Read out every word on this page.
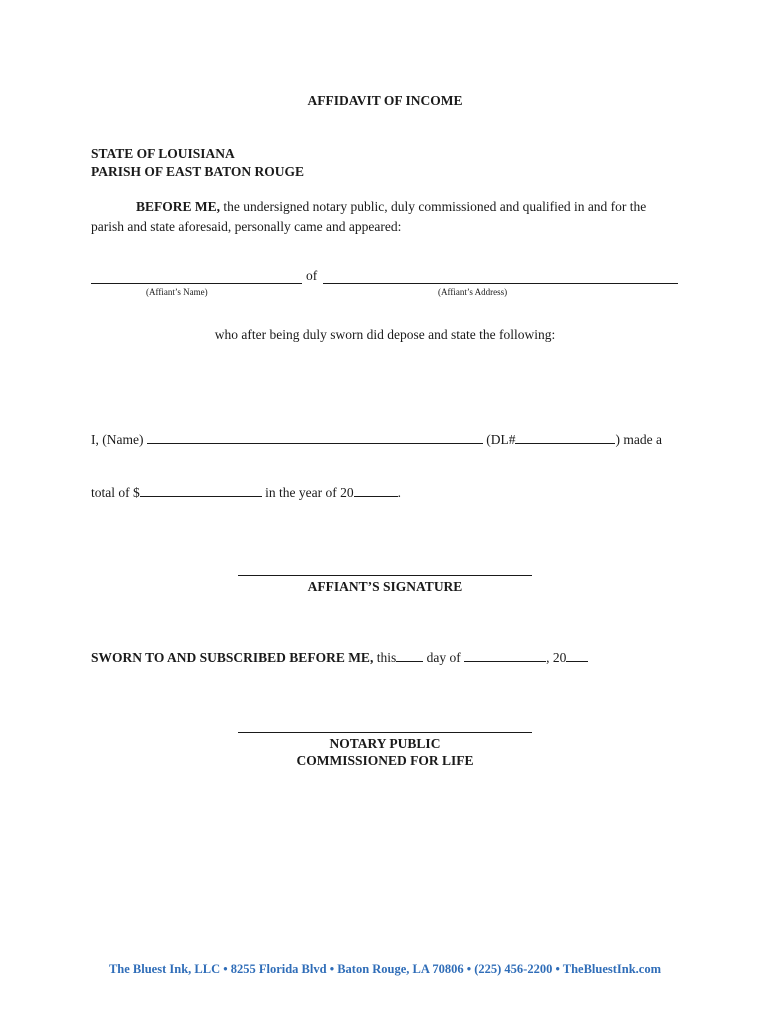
AFFIDAVIT OF INCOME
STATE OF LOUISIANA
PARISH OF EAST BATON ROUGE
BEFORE ME, the undersigned notary public, duly commissioned and qualified in and for the parish and state aforesaid, personally came and appeared:
of
(Affiant’s Name)	(Affiant’s Address)
who after being duly sworn did depose and state the following:
I, (Name)	(DL#	) made a
total of $	in the year of 20	.
AFFIANT’S SIGNATURE
SWORN TO AND SUBSCRIBED BEFORE ME, this day of	, 20
NOTARY PUBLIC
COMMISSIONED FOR LIFE
The Bluest Ink, LLC • 8255 Florida Blvd • Baton Rouge, LA 70806 • (225) 456-2200 • TheBluestInk.com
